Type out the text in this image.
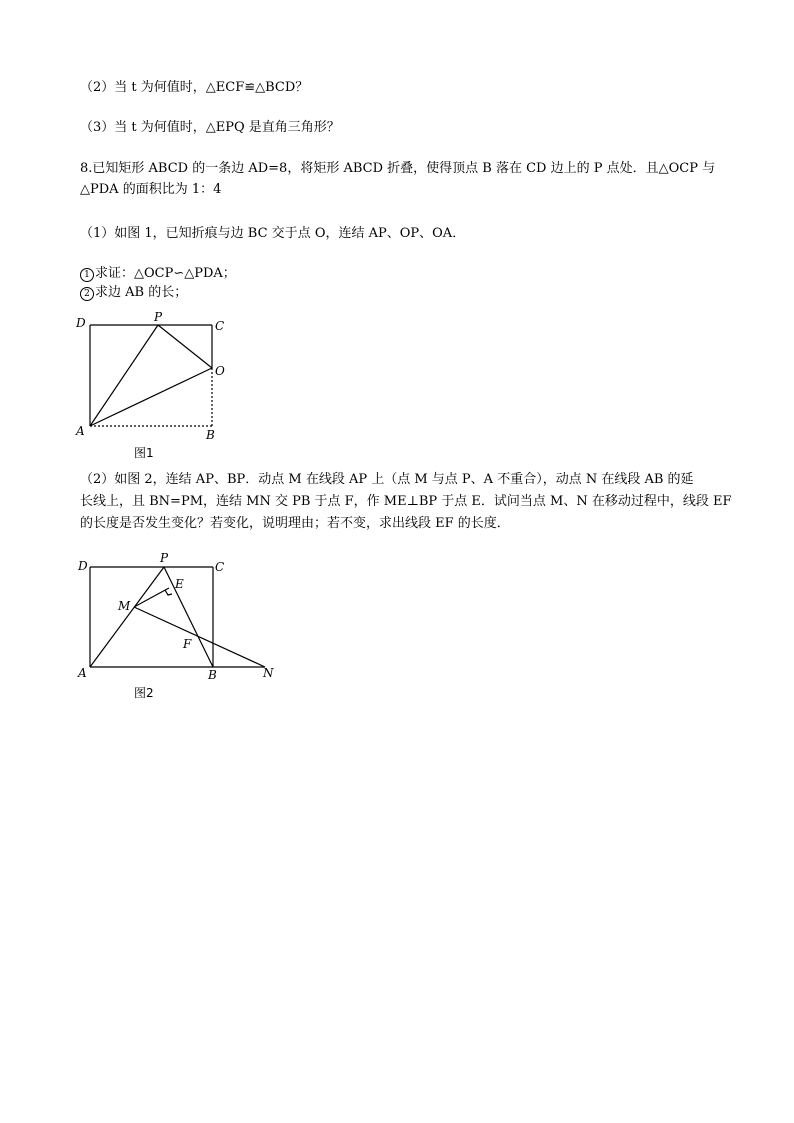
（2）当 t 为何值时，△ECF≌△BCD？
（3）当 t 为何值时，△EPQ 是直角三角形？
8.已知矩形 ABCD 的一条边 AD=8，将矩形 ABCD 折叠，使得顶点 B 落在 CD 边上的 P 点处．且△OCP 与
△PDA 的面积比为 1：4
（1）如图 1，已知折痕与边 BC 交于点 O，连结 AP、OP、OA．
1 求证：△OCP∽△PDA；
2 求边 AB 的长；
D	P
C
O
A	B
图1
（2）如图 2，连结 AP、BP．动点 M 在线段 AP 上（点 M 与点 P、A 不重合），动点 N 在线段 AB 的延
长线上，且 BN=PM，连结 MN 交 PB 于点 F，作 ME⊥BP 于点 E．试问当点 M、N 在移动过程中，线段 EF
的长度是否发生变化？若变化，说明理由；若不变，求出线段 EF 的长度．
D
P
C
E
M
F
A	B	N
图2
